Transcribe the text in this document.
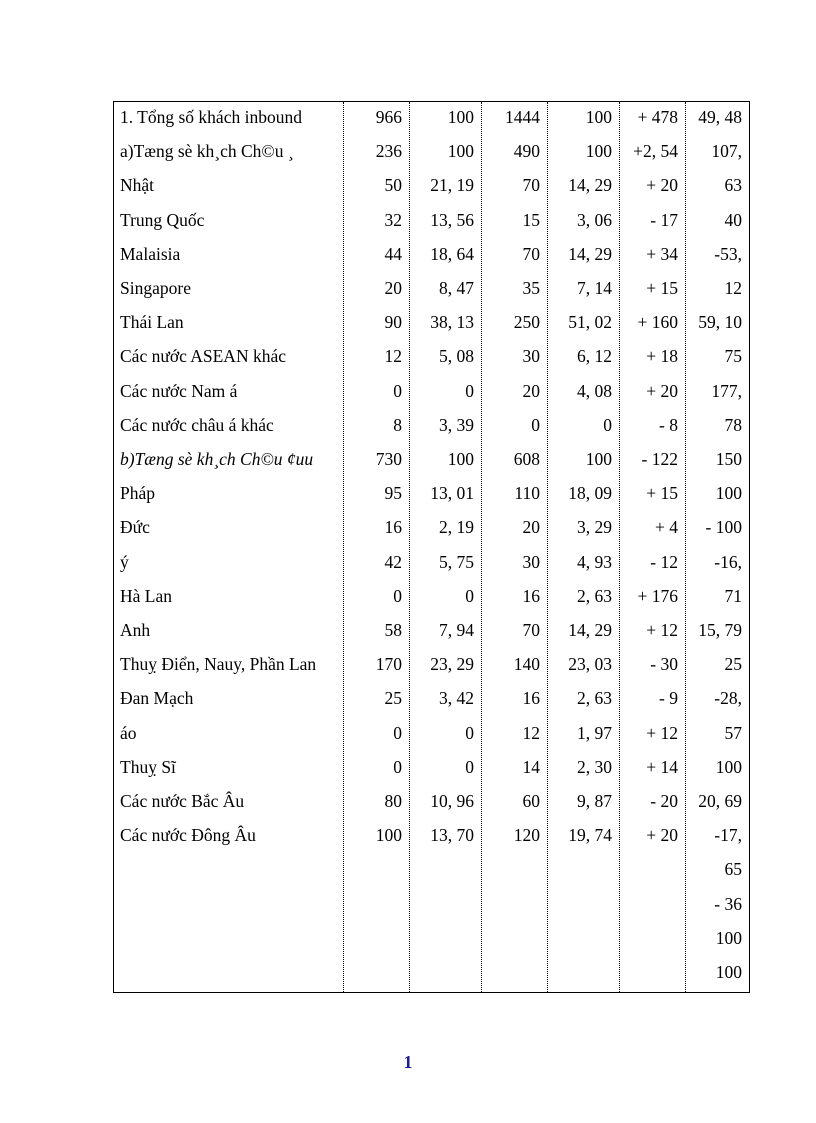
1. Tổng số khách inbound
a)Tæng sè kh¸ch Ch©u ¸
Nhật
Trung Quốc
Malaisia
Singapore
Thái Lan
Các nước ASEAN khác
Các nước Nam á
Các nước châu á khác
b)Tæng sè kh¸ch Ch©u ¢uu
Pháp
Đức
ý
Hà Lan
Anh
Thuỵ Điển, Nauy, Phần Lan
Đan Mạch
áo
Thuỵ Sĩ
Các nước Bắc Âu
Các nước Đông Âu
966
236
50
32
44
20
90
12
0
8
730
95
16
42
0
58
170
25
0
0
80
100
100
100
21, 19
13, 56
18, 64
8, 47
38, 13
5, 08
0
3, 39
100
13, 01
2, 19
5, 75
0
7, 94
23, 29
3, 42
0
0
10, 96
13, 70
1444
490
70
15
70
35
250
30
20
0
608
110
20
30
16
70
140
16
12
14
60
120
100
100
14, 29
3, 06
14, 29
7, 14
51, 02
6, 12
4, 08
0
100
18, 09
3, 29
4, 93
2, 63
14, 29
23, 03
2, 63
1, 97
2, 30
9, 87
19, 74
+ 478
+2, 54
+ 20
- 17
+ 34
+ 15
+ 160
+ 18
+ 20
- 8
- 122
+ 15
+ 4
- 12
+ 176
+ 12
- 30
- 9
+ 12
+ 14
- 20
+ 20
49, 48
107,
63
40
-53,
12
59, 10
75
177,
78
150
100
- 100
-16,
71
15, 79
25
-28,
57
100
20, 69
-17,
65
- 36
100
100
1
